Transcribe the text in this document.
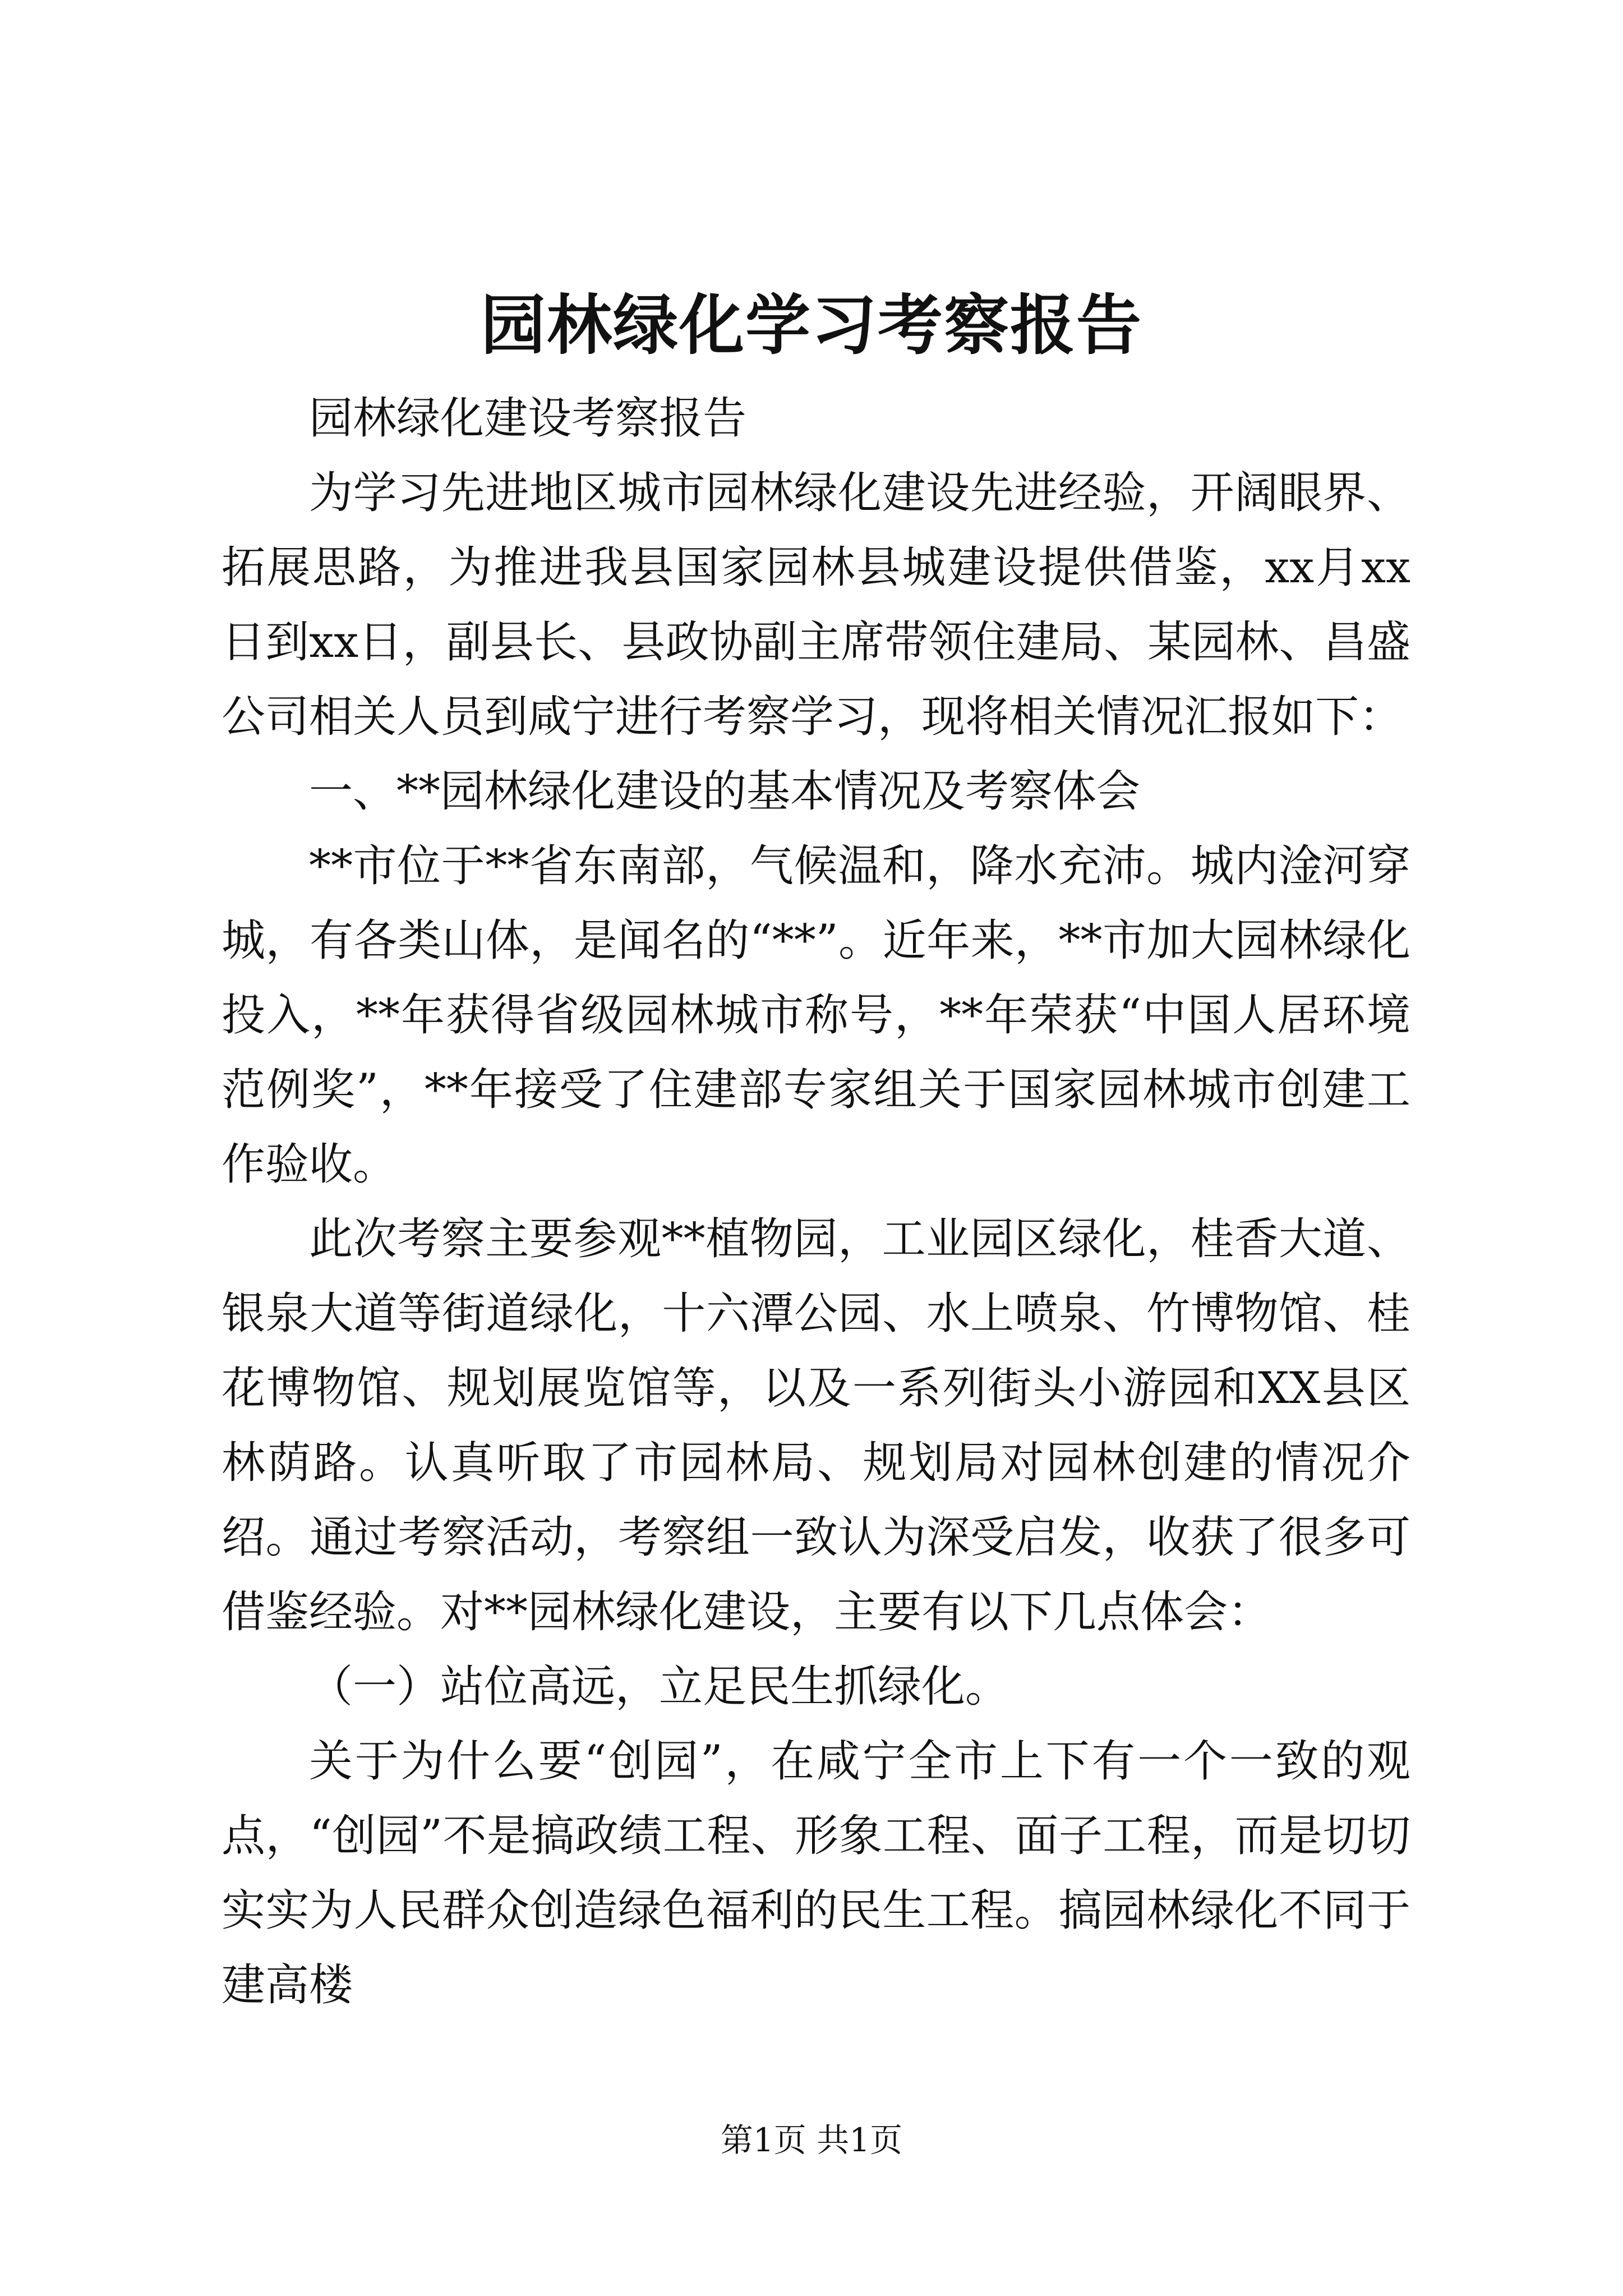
园林绿化学习考察报告

园林绿化建设考察报告

为学习先进地区城市园林绿化建设先进经验，开阔眼界、拓展思路，为推进我县国家园林县城建设提供借鉴，xx月xx日到xx日，副县长、县政协副主席带领住建局、某园林、昌盛公司相关人员到咸宁进行考察学习，现将相关情况汇报如下：

一、**园林绿化建设的基本情况及考察体会

**市位于**省东南部，气候温和，降水充沛。城内淦河穿城，有各类山体，是闻名的“**”。近年来，**市加大园林绿化投入，**年获得省级园林城市称号，**年荣获“中国人居环境范例奖”，**年接受了住建部专家组关于国家园林城市创建工作验收。

此次考察主要参观**植物园，工业园区绿化，桂香大道、银泉大道等街道绿化，十六潭公园、水上喷泉、竹博物馆、桂花博物馆、规划展览馆等，以及一系列街头小游园和XX县区林荫路。认真听取了市园林局、规划局对园林创建的情况介绍。通过考察活动，考察组一致认为深受启发，收获了很多可借鉴经验。对**园林绿化建设，主要有以下几点体会：

（一）站位高远，立足民生抓绿化。

关于为什么要“创园”，在咸宁全市上下有一个一致的观点，“创园”不是搞政绩工程、形象工程、面子工程，而是切切实实为人民群众创造绿色福利的民生工程。搞园林绿化不同于建高楼

第1页 共1页
